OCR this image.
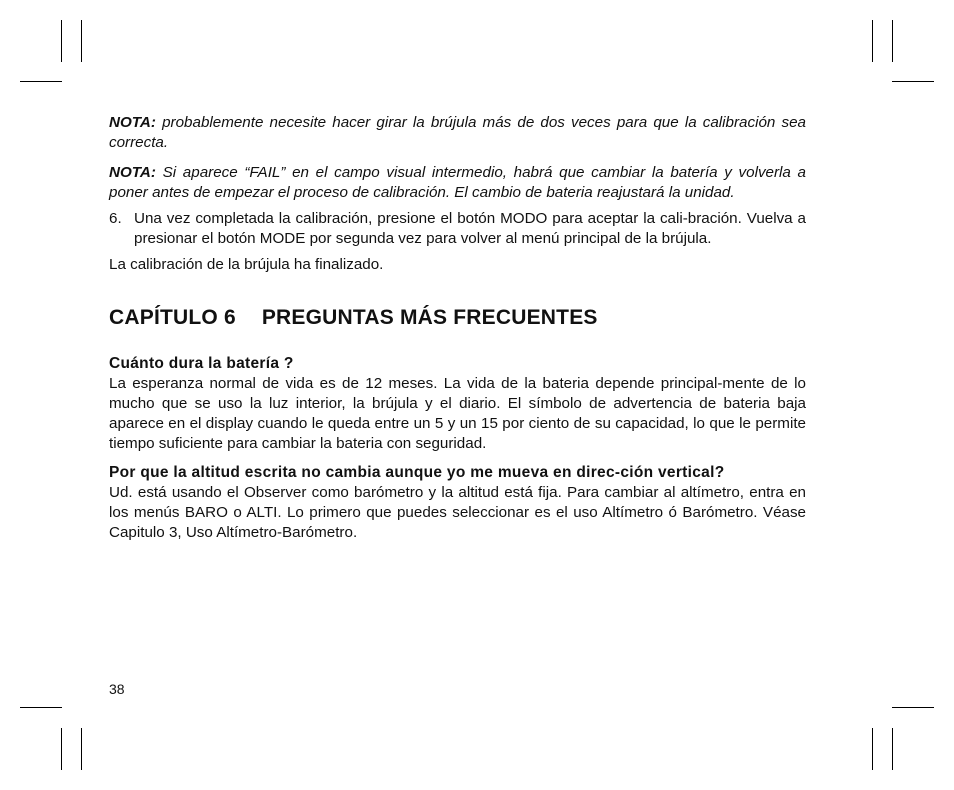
NOTA: probablemente necesite hacer girar la brújula más de dos veces para que la calibración sea correcta.

NOTA: Si aparece “FAIL” en el campo visual intermedio, habrá que cambiar la batería y volverla a poner antes de empezar el proceso de calibración. El cambio de bateria reajustará la unidad.

6. Una vez completada la calibración, presione el botón MODO para aceptar la cali-bración. Vuelva a presionar el botón MODE por segunda vez para volver al menú principal de la brújula.

La calibración de la brújula ha finalizado.

CAPÍTULO 6 PREGUNTAS MÁS FRECUENTES
Cuánto dura la batería ?

La esperanza normal de vida es de 12 meses. La vida de la bateria depende principal-mente de lo mucho que se uso la luz interior, la brújula y el diario. El símbolo de advertencia de bateria baja aparece en el display cuando le queda entre un 5 y un 15 por ciento de su capacidad, lo que le permite tiempo suficiente para cambiar la bateria con seguridad.

Por que la altitud escrita no cambia aunque yo me mueva en direc-ción vertical?

Ud. está usando el Observer como barómetro y la altitud está fija. Para cambiar al altímetro, entra en los menús BARO o ALTI. Lo primero que puedes seleccionar es el uso Altímetro ó Barómetro. Véase Capitulo 3, Uso Altímetro-Barómetro.

38
